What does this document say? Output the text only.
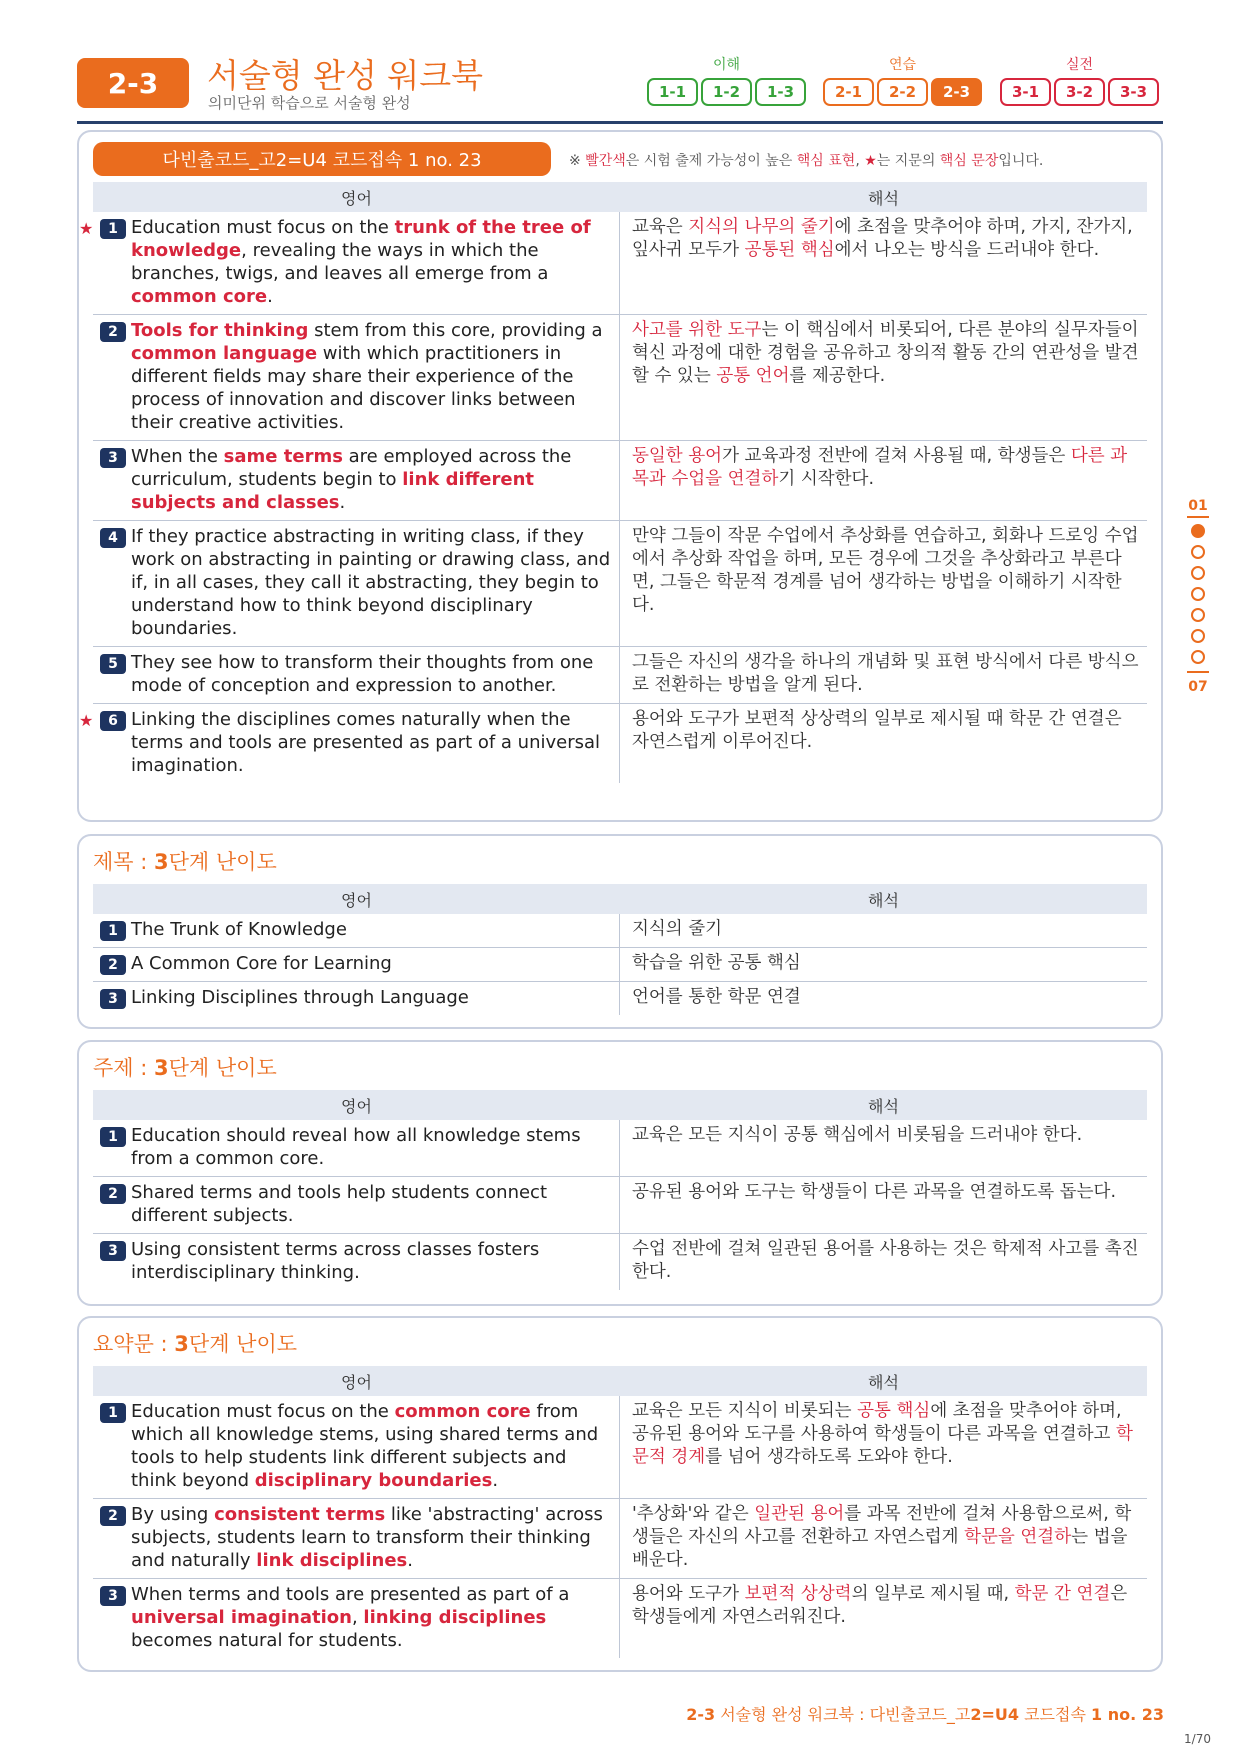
2-3	서술형 완성 워크북
의미단위 학습으로 서술형 완성
이해
1-1	1-2	1-3
연습
2-1	2-2	2-3
실전
3-1	3-2	3-3
01
07
다빈출코드_고2=U4 코드접속 1 no. 23	※ 빨간색은 시험 출제 가능성이 높은 핵심 표현, ★는 지문의 핵심 문장입니다.
영어	해석
★	1 Education must focus on the trunk of the tree of knowledge, revealing the ways in which the branches, twigs, and leaves all emerge from a common core.
교육은 지식의 나무의 줄기에 초점을 맞추어야 하며, 가지, 잔가지, 잎사귀 모두가 공통된 핵심에서 나오는 방식을 드러내야 한다.
2 Tools for thinking stem from this core, providing a common language with which practitioners in different fields may share their experience of the process of innovation and discover links between their creative activities.
사고를 위한 도구는 이 핵심에서 비롯되어, 다른 분야의 실무자들이 혁신 과정에 대한 경험을 공유하고 창의적 활동 간의 연관성을 발견할 수 있는 공통 언어를 제공한다.
3 When the same terms are employed across the curriculum, students begin to link different subjects and classes.
동일한 용어가 교육과정 전반에 걸쳐 사용될 때, 학생들은 다른 과목과 수업을 연결하기 시작한다.
4 If they practice abstracting in writing class, if they work on abstracting in painting or drawing class, and if, in all cases, they call it abstracting, they begin to understand how to think beyond disciplinary boundaries.
만약 그들이 작문 수업에서 추상화를 연습하고, 회화나 드로잉 수업에서 추상화 작업을 하며, 모든 경우에 그것을 추상화라고 부른다면, 그들은 학문적 경계를 넘어 생각하는 방법을 이해하기 시작한다.
5 They see how to transform their thoughts from one mode of conception and expression to another.
그들은 자신의 생각을 하나의 개념화 및 표현 방식에서 다른 방식으로 전환하는 방법을 알게 된다.
★	6 Linking the disciplines comes naturally when the terms and tools are presented as part of a universal imagination.
용어와 도구가 보편적 상상력의 일부로 제시될 때 학문 간 연결은 자연스럽게 이루어진다.
제목 : 3단계 난이도
영어	해석
1 The Trunk of Knowledge	지식의 줄기
2 A Common Core for Learning	학습을 위한 공통 핵심
3 Linking Disciplines through Language	언어를 통한 학문 연결
주제 : 3단계 난이도
영어	해석
1 Education should reveal how all knowledge stems from a common core.
교육은 모든 지식이 공통 핵심에서 비롯됨을 드러내야 한다.
2 Shared terms and tools help students connect different subjects.
공유된 용어와 도구는 학생들이 다른 과목을 연결하도록 돕는다.
3 Using consistent terms across classes fosters interdisciplinary thinking.
수업 전반에 걸쳐 일관된 용어를 사용하는 것은 학제적 사고를 촉진한다.
요약문 : 3단계 난이도
영어	해석
1 Education must focus on the common core from which all knowledge stems, using shared terms and tools to help students link different subjects and think beyond disciplinary boundaries.
교육은 모든 지식이 비롯되는 공통 핵심에 초점을 맞추어야 하며, 공유된 용어와 도구를 사용하여 학생들이 다른 과목을 연결하고 학문적 경계를 넘어 생각하도록 도와야 한다.
2 By using consistent terms like 'abstracting' across subjects, students learn to transform their thinking and naturally link disciplines.
'추상화'와 같은 일관된 용어를 과목 전반에 걸쳐 사용함으로써, 학생들은 자신의 사고를 전환하고 자연스럽게 학문을 연결하는 법을 배운다.
3 When terms and tools are presented as part of a universal imagination, linking disciplines becomes natural for students.
용어와 도구가 보편적 상상력의 일부로 제시될 때, 학문 간 연결은 학생들에게 자연스러워진다.
2-3 서술형 완성 워크북 : 다빈출코드_고2=U4 코드접속 1 no. 23
1/70
